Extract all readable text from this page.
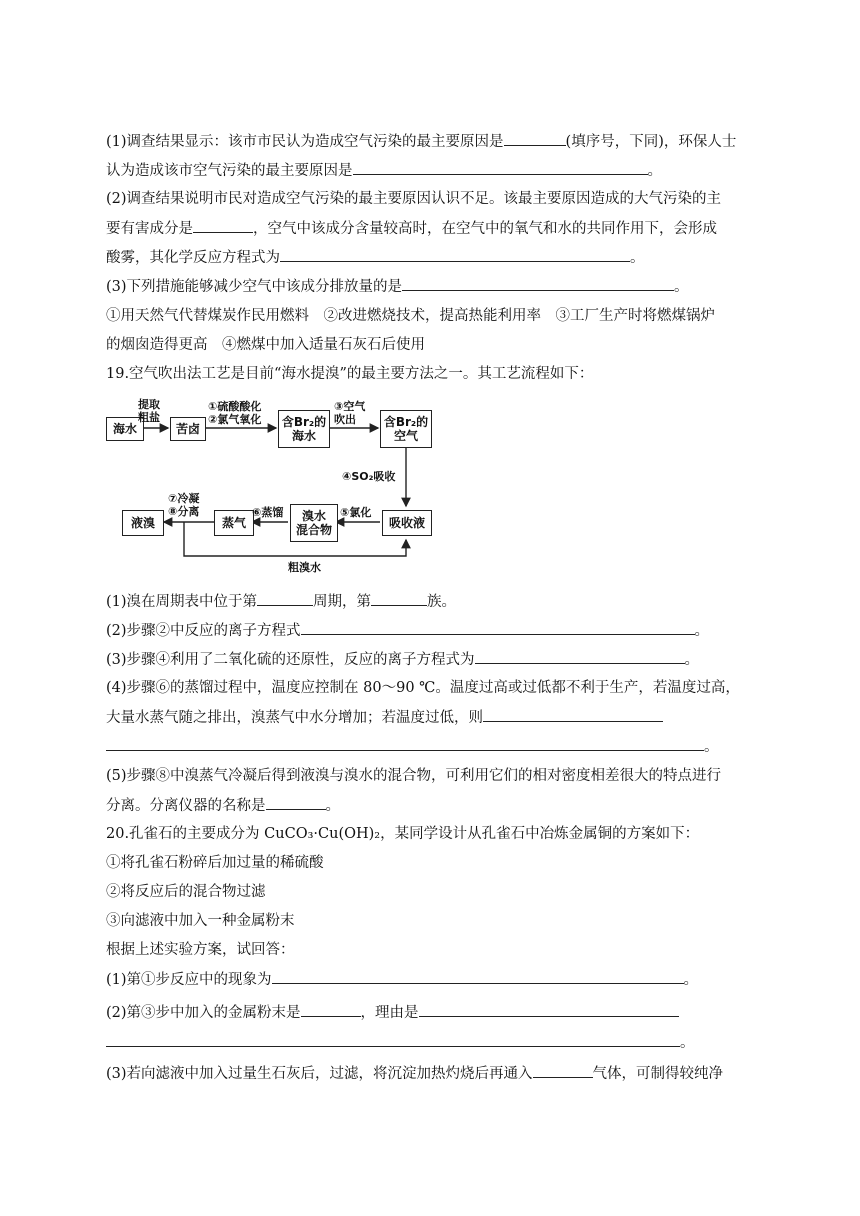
(1)调查结果显示：该市市民认为造成空气污染的最主要原因是	(填序号，下同)，环保人士
认为造成该市空气污染的最主要原因是	。
(2)调查结果说明市民对造成空气污染的最主要原因认识不足。该最主要原因造成的大气污染的主
要有害成分是	，空气中该成分含量较高时，在空气中的氧气和水的共同作用下，会形成
酸雾，其化学反应方程式为	。
(3)下列措施能够减少空气中该成分排放量的是	。
①用天然气代替煤炭作民用燃料　②改进燃烧技术，提高热能利用率　③工厂生产时将燃煤锅炉
的烟囱造得更高　④燃煤中加入适量石灰石后使用
19.空气吹出法工艺是目前“海水提溴”的最主要方法之一。其工艺流程如下：
海水	苦卤	含Br₂的
海水
含Br₂的
空气
吸收液
溴水
混合物
蒸气
液溴
提取
粗盐
①硫酸酸化
②氯气氧化
③空气
吹出
④SO₂吸收
⑤氯化
⑥蒸馏
⑦冷凝
⑧分离
粗溴水
(1)溴在周期表中位于第	周期，第	族。
(2)步骤②中反应的离子方程式	。
(3)步骤④利用了二氧化硫的还原性，反应的离子方程式为	。
(4)步骤⑥的蒸馏过程中，温度应控制在 80～90 ℃。温度过高或过低都不利于生产，若温度过高，
大量水蒸气随之排出，溴蒸气中水分增加；若温度过低，则
。
(5)步骤⑧中溴蒸气冷凝后得到液溴与溴水的混合物，可利用它们的相对密度相差很大的特点进行
分离。分离仪器的名称是	。
20.孔雀石的主要成分为 CuCO₃·Cu(OH)₂，某同学设计从孔雀石中冶炼金属铜的方案如下：
①将孔雀石粉碎后加过量的稀硫酸
②将反应后的混合物过滤
③向滤液中加入一种金属粉末
根据上述实验方案，试回答：
(1)第①步反应中的现象为	。
(2)第③步中加入的金属粉末是	，理由是
。
(3)若向滤液中加入过量生石灰后，过滤，将沉淀加热灼烧后再通入	气体，可制得较纯净
